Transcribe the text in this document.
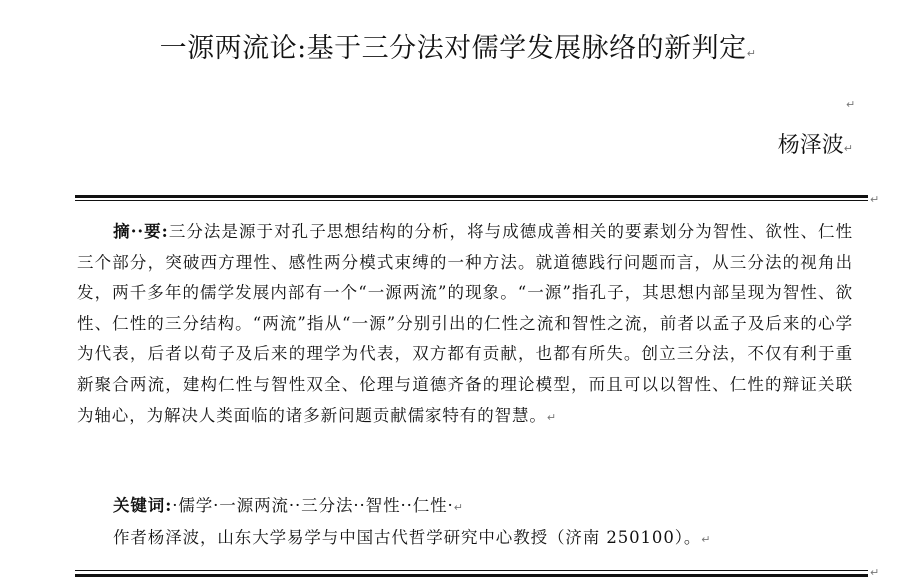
一源两流论:基于三分法对儒学发展脉络的新判定↵
↵
杨泽波↵
↵

摘··要:三分法是源于对孔子思想结构的分析，将与成德成善相关的要素划分为智性、欲性、仁性三个部分，突破西方理性、感性两分模式束缚的一种方法。就道德践行问题而言，从三分法的视角出发，两千多年的儒学发展内部有一个“一源两流”的现象。“一源”指孔子，其思想内部呈现为智性、欲性、仁性的三分结构。“两流”指从“一源”分别引出的仁性之流和智性之流，前者以孟子及后来的心学为代表，后者以荀子及后来的理学为代表，双方都有贡献，也都有所失。创立三分法，不仅有利于重新聚合两流，建构仁性与智性双全、伦理与道德齐备的理论模型，而且可以以智性、仁性的辩证关联为轴心，为解决人类面临的诸多新问题贡献儒家特有的智慧。↵

关键词:·儒学·一源两流··三分法··智性··仁性·↵
作者杨泽波，山东大学易学与中国古代哲学研究中心教授（济南 250100）。↵
↵
